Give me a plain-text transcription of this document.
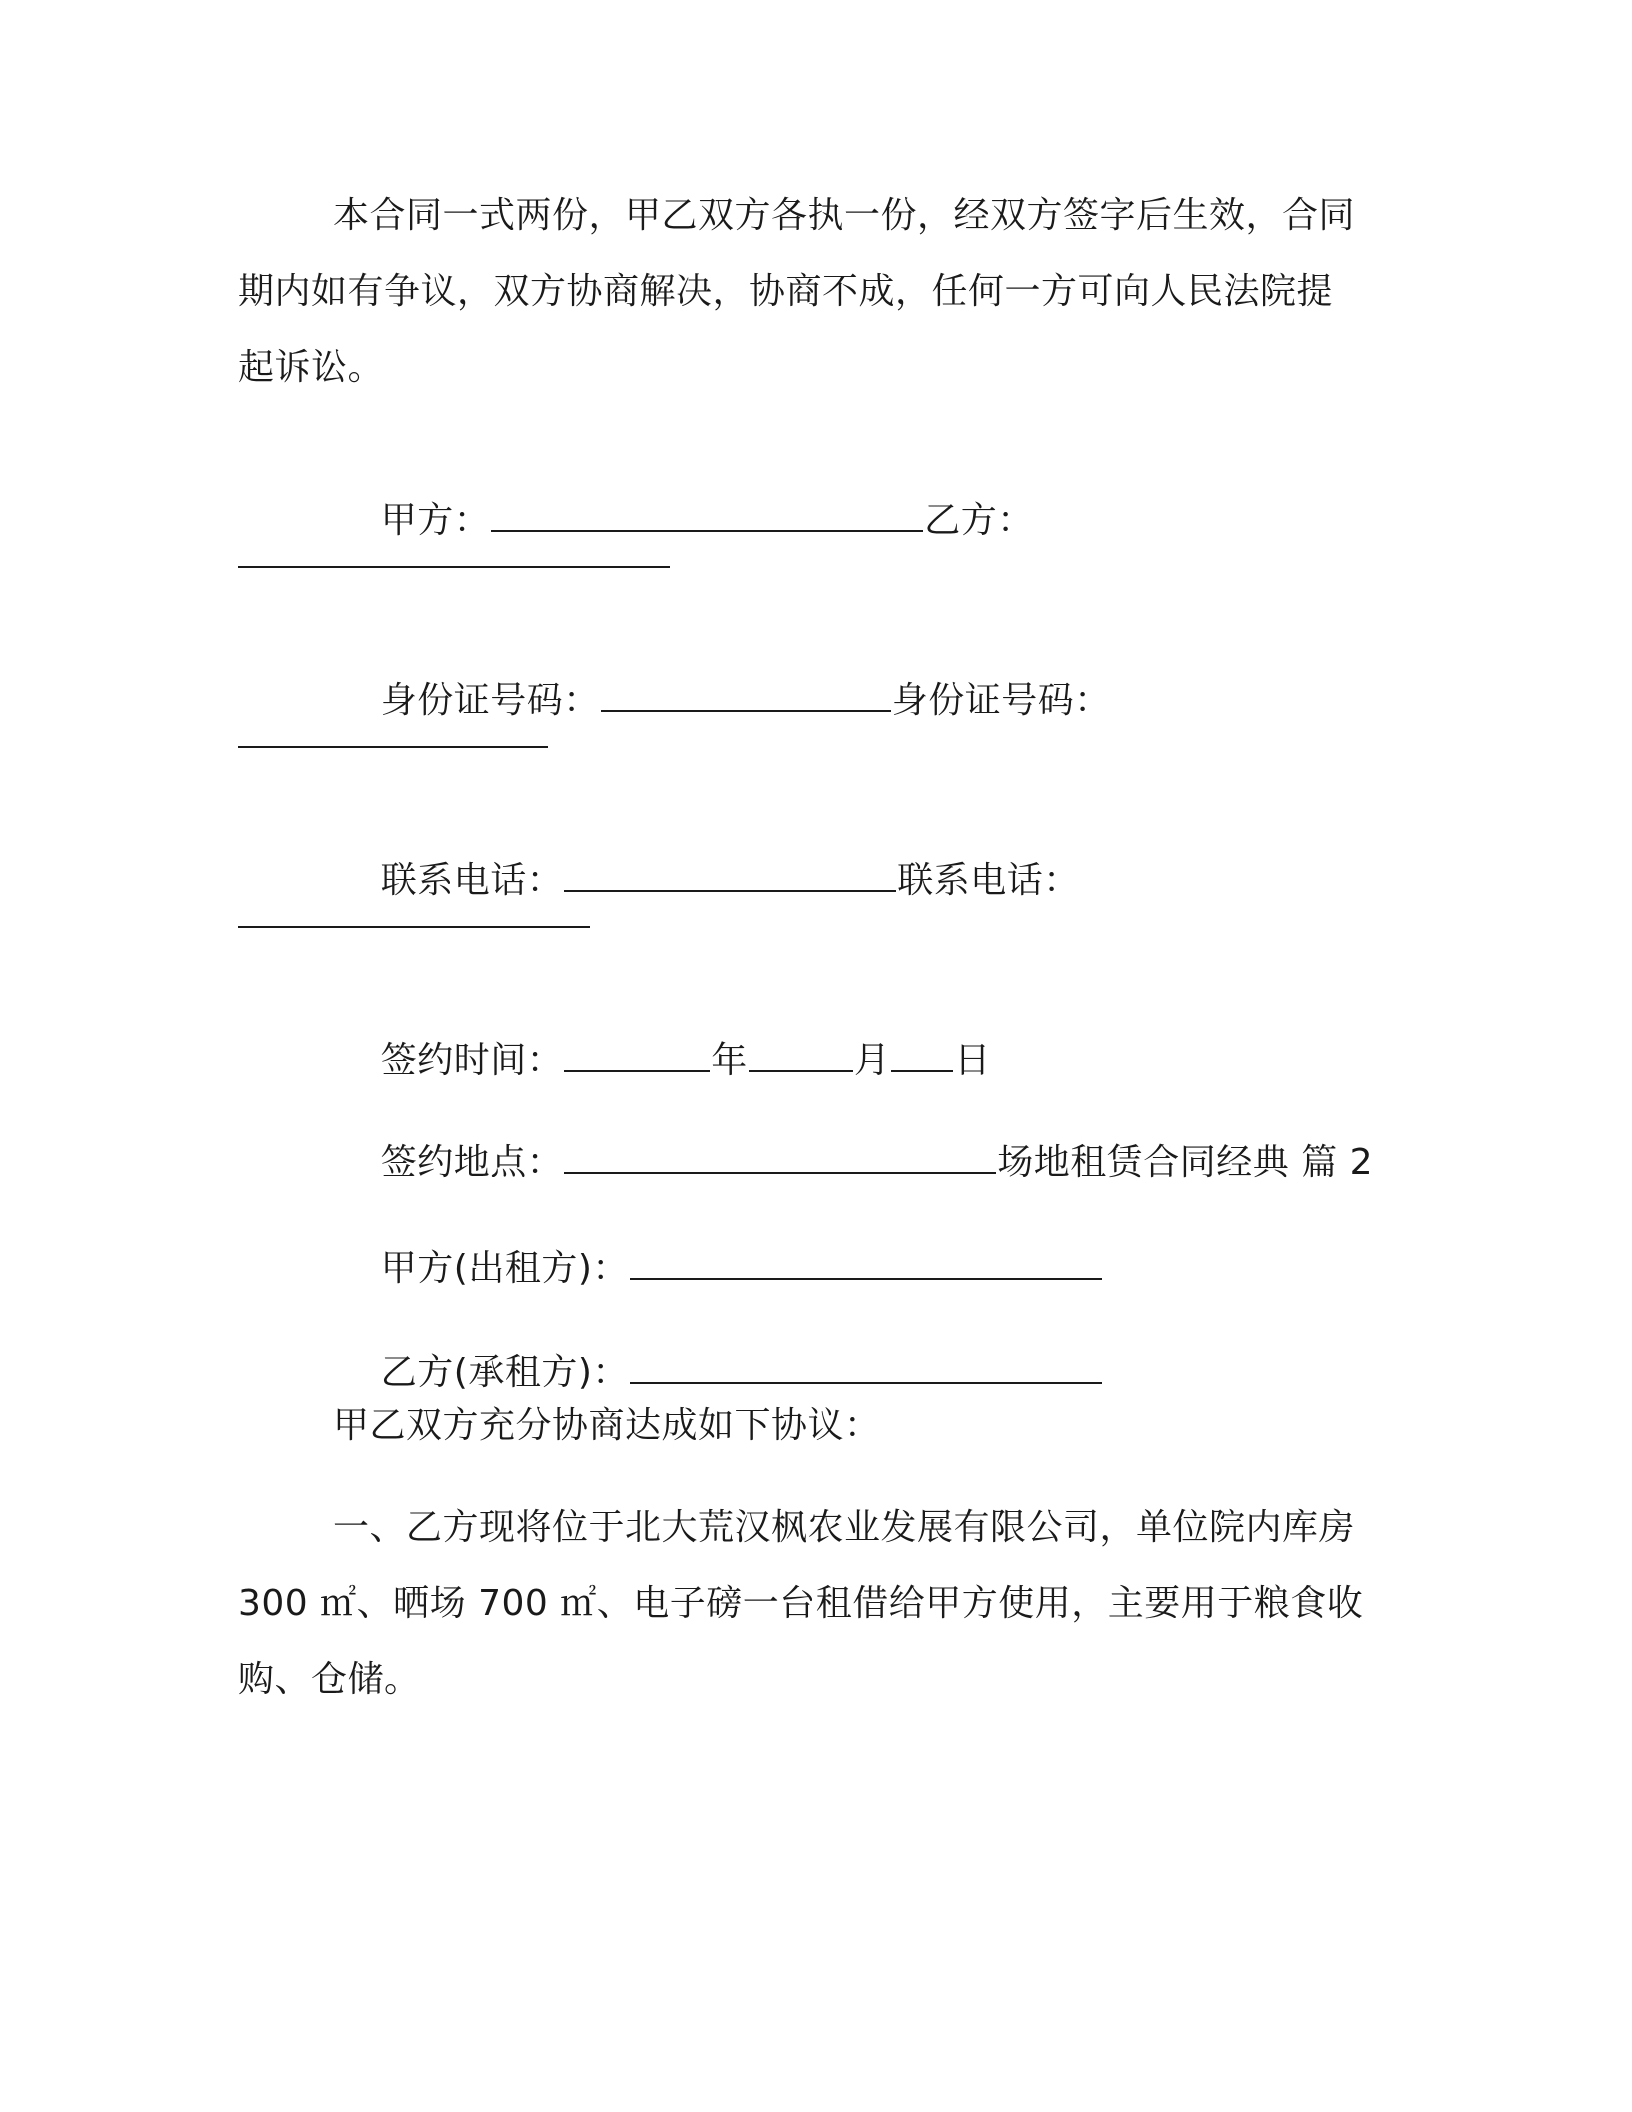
本合同一式两份，甲乙双方各执一份，经双方签字后生效，合同
期内如有争议，双方协商解决，协商不成，任何一方可向人民法院提
起诉讼。

甲方：	乙方：

身份证号码：	身份证号码：

联系电话：	联系电话：

签约时间：	年	月 日

签约地点：	场地租赁合同经典 篇 2

甲方(出租方)：

乙方(承租方)：

甲乙双方充分协商达成如下协议：
一、乙方现将位于北大荒汉枫农业发展有限公司，单位院内库房
300 ㎡、晒场 700 ㎡、电子磅一台租借给甲方使用，主要用于粮食收
购、仓储。
